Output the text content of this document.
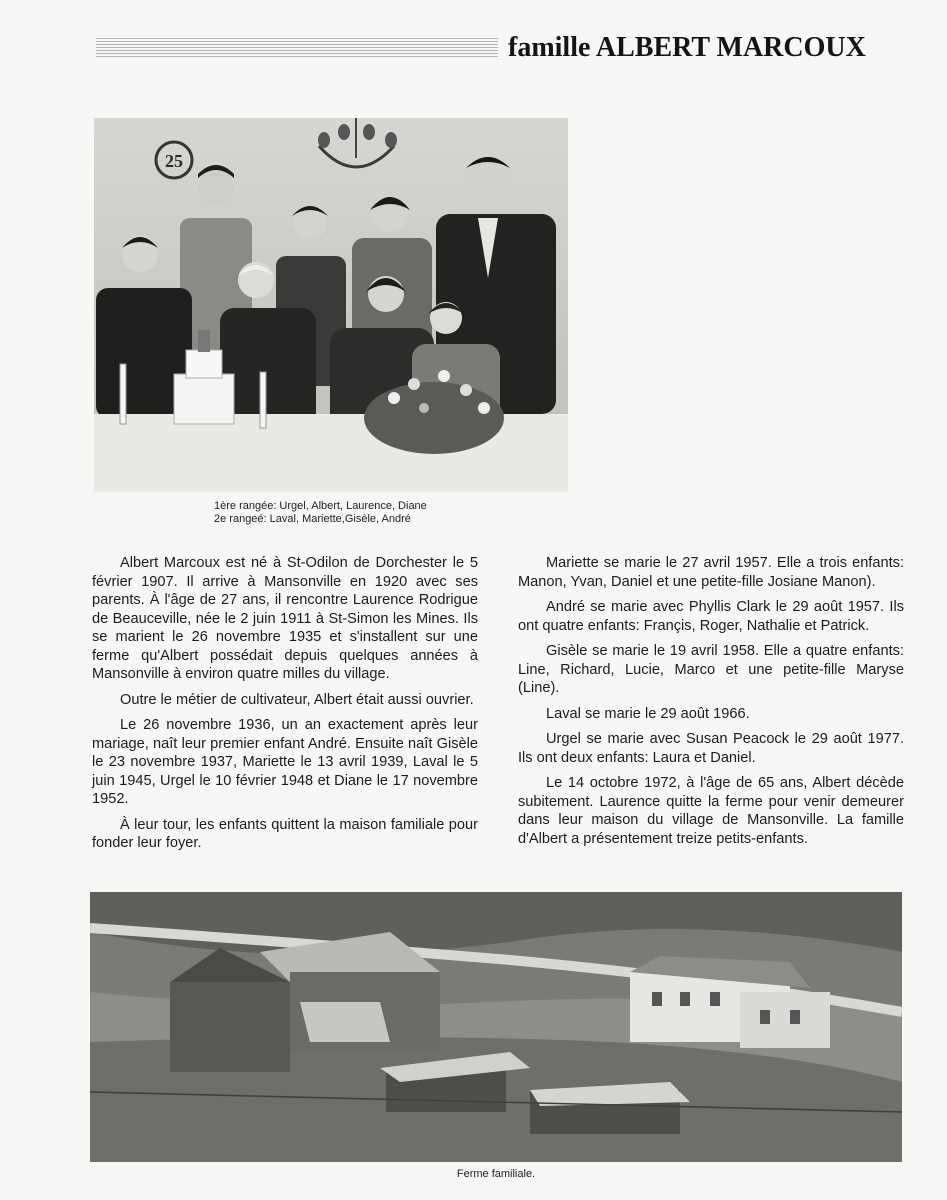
famille ALBERT MARCOUX
25
1ère rangée: Urgel, Albert, Laurence, Diane
2e rangeé: Laval, Mariette,Gisèle, André

Albert Marcoux est né à St-Odilon de Dorchester le 5 février 1907. Il arrive à Mansonville en 1920 avec ses parents. À l'âge de 27 ans, il rencontre Laurence Rodrigue de Beauceville, née le 2 juin 1911 à St-Simon les Mines. Ils se marient le 26 novembre 1935 et s'installent sur une ferme qu'Albert possédait depuis quelques années à Mansonville à environ quatre milles du village.

Outre le métier de cultivateur, Albert était aussi ouvrier.

Le 26 novembre 1936, un an exactement après leur mariage, naît leur premier enfant André. Ensuite naît Gisèle le 23 novembre 1937, Mariette le 13 avril 1939, Laval le 5 juin 1945, Urgel le 10 février 1948 et Diane le 17 novembre 1952.

À leur tour, les enfants quittent la maison familiale pour fonder leur foyer.

Mariette se marie le 27 avril 1957. Elle a trois enfants: Manon, Yvan, Daniel et une petite-fille Josiane Manon).

André se marie avec Phyllis Clark le 29 août 1957. Ils ont quatre enfants: Françis, Roger, Nathalie et Patrick.

Gisèle se marie le 19 avril 1958. Elle a quatre enfants: Line, Richard, Lucie, Marco et une petite-fille Maryse (Line).

Laval se marie le 29 août 1966.

Urgel se marie avec Susan Peacock le 29 août 1977. Ils ont deux enfants: Laura et Daniel.

Le 14 octobre 1972, à l'âge de 65 ans, Albert décède subitement. Laurence quitte la ferme pour venir demeurer dans leur maison du village de Mansonville. La famille d'Albert a présentement treize petits-enfants.

Ferme familiale.
